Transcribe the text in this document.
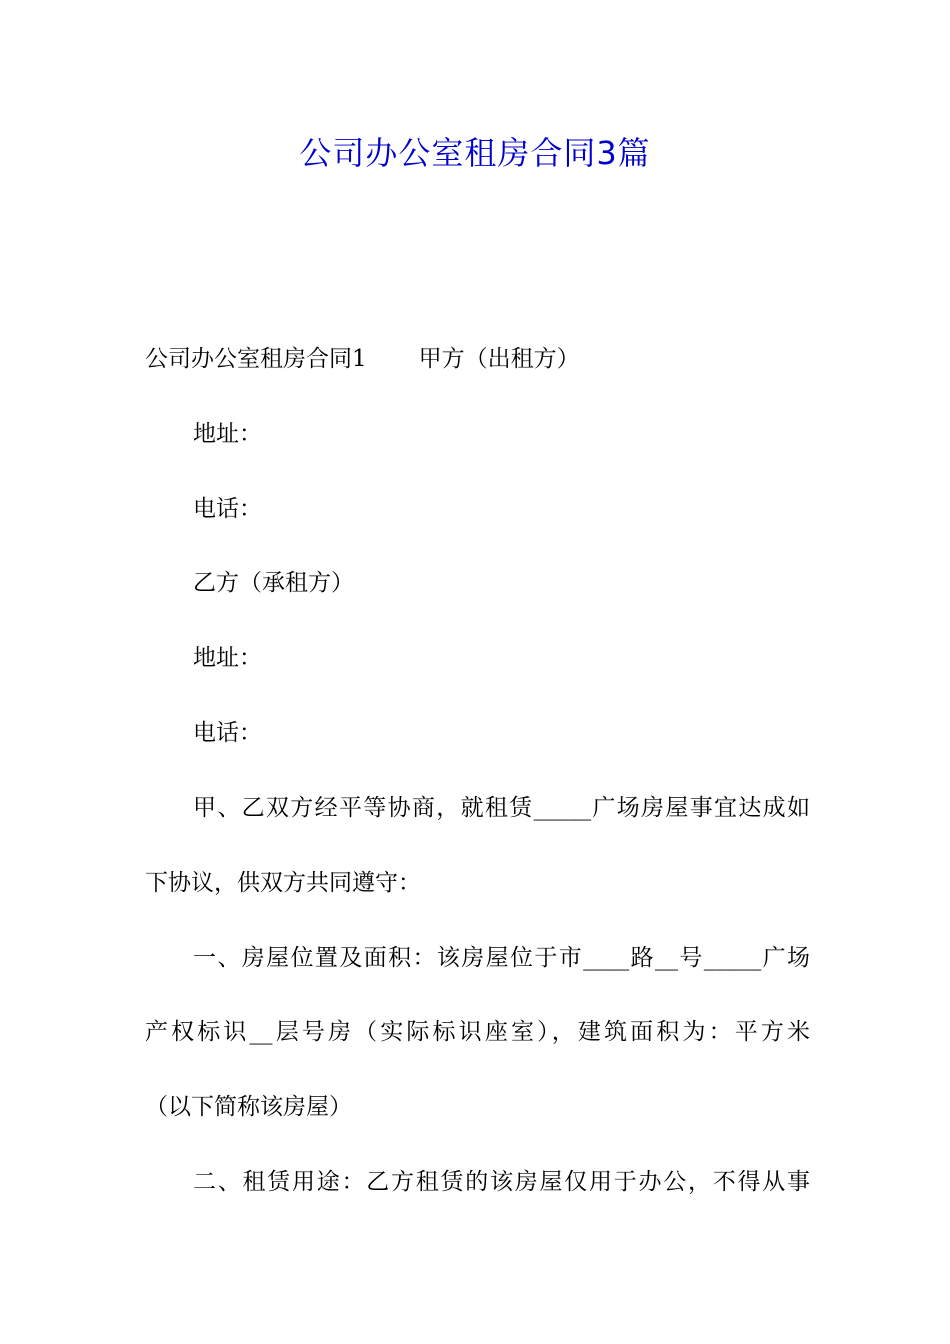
公司办公室租房合同3篇
公司办公室租房合同1 甲方（出租方）
地址：
电话：
乙方（承租方）
地址：
电话：
甲、乙双方经平等协商，就租赁_____广场房屋事宜达成如
下协议，供双方共同遵守：
一、房屋位置及面积：该房屋位于市____路__号_____广场
产权标识__层号房（实际标识座室），建筑面积为：平方米
（以下简称该房屋）
二、租赁用途：乙方租赁的该房屋仅用于办公，不得从事
